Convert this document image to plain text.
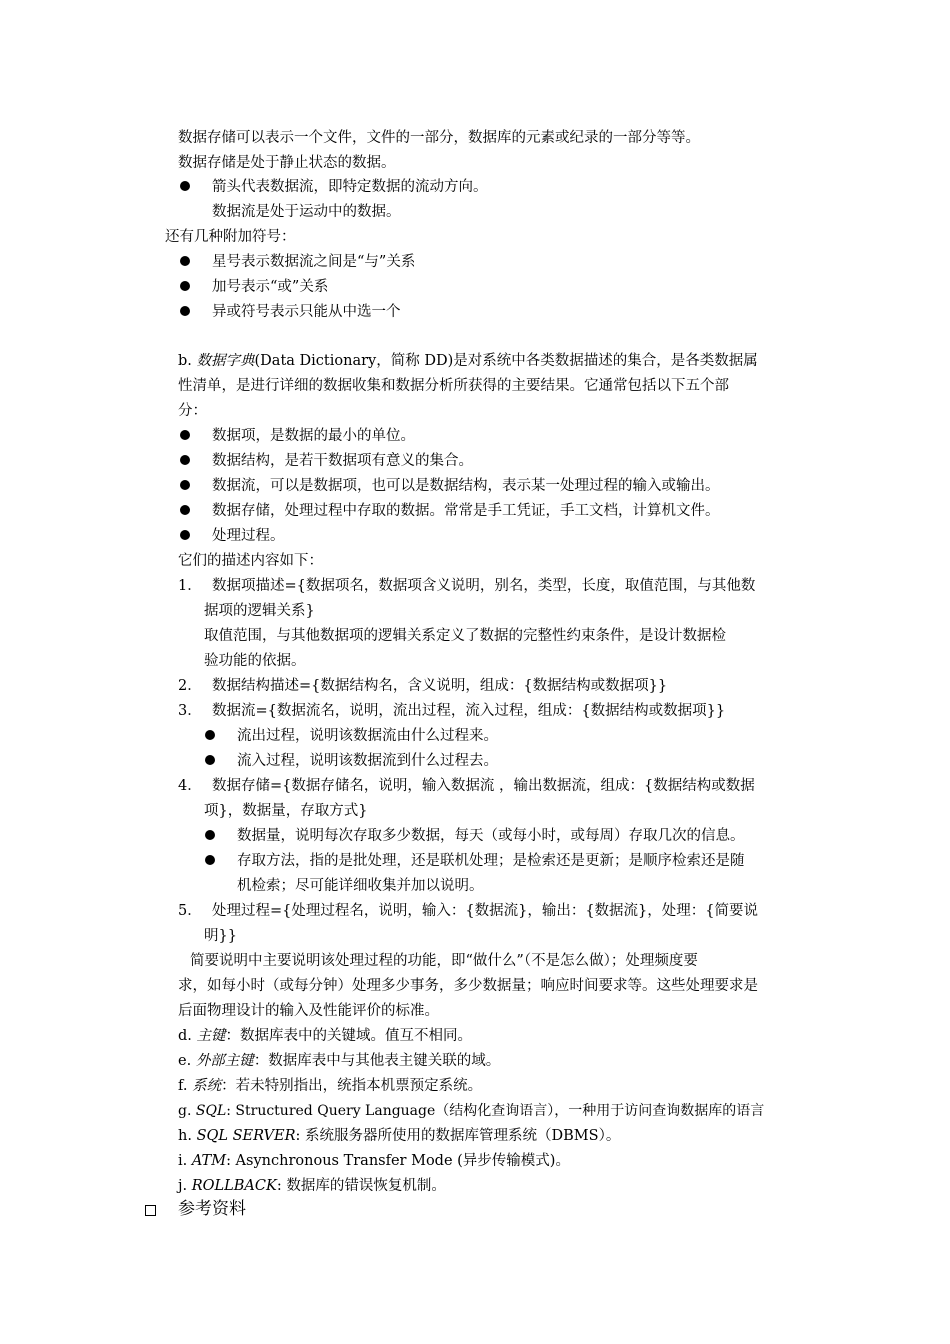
数据存储可以表示一个文件，文件的一部分，数据库的元素或纪录的一部分等等。
数据存储是处于静止状态的数据。
箭头代表数据流，即特定数据的流动方向。
数据流是处于运动中的数据。
还有几种附加符号：
星号表示数据流之间是“与”关系
加号表示“或”关系
异或符号表示只能从中选一个
b. 数据字典(Data Dictionary，简称 DD)是对系统中各类数据描述的集合，是各类数据属
性清单，是进行详细的数据收集和数据分析所获得的主要结果。它通常包括以下五个部
分：
数据项，是数据的最小的单位。
数据结构，是若干数据项有意义的集合。
数据流，可以是数据项，也可以是数据结构，表示某一处理过程的输入或输出。
数据存储，处理过程中存取的数据。常常是手工凭证，手工文档，计算机文件。
处理过程。
它们的描述内容如下：
1． 数据项描述={数据项名，数据项含义说明，别名，类型，长度，取值范围，与其他数
据项的逻辑关系}
取值范围，与其他数据项的逻辑关系定义了数据的完整性约束条件，是设计数据检
验功能的依据。
2． 数据结构描述={数据结构名，含义说明，组成：{数据结构或数据项}}
3． 数据流={数据流名，说明，流出过程，流入过程，组成：{数据结构或数据项}}
流出过程，说明该数据流由什么过程来。
流入过程，说明该数据流到什么过程去。
4． 数据存储={数据存储名，说明，输入数据流 ，输出数据流，组成：{数据结构或数据
项}，数据量，存取方式}
数据量，说明每次存取多少数据，每天（或每小时，或每周）存取几次的信息。
存取方法，指的是批处理，还是联机处理；是检索还是更新；是顺序检索还是随
机检索；尽可能详细收集并加以说明。
5． 处理过程={处理过程名，说明，输入：{数据流}，输出：{数据流}，处理：{简要说
明}}
简要说明中主要说明该处理过程的功能，即“做什么”（不是怎么做）；处理频度要
求，如每小时（或每分钟）处理多少事务，多少数据量；响应时间要求等。这些处理要求是
后面物理设计的输入及性能评价的标准。
d. 主键：数据库表中的关键域。值互不相同。
e. 外部主键：数据库表中与其他表主键关联的域。
f. 系统：若未特别指出，统指本机票预定系统。
g. SQL: Structured Query Language（结构化查询语言），一种用于访问查询数据库的语言
h. SQL SERVER: 系统服务器所使用的数据库管理系统（DBMS）。
i. ATM: Asynchronous Transfer Mode (异步传输模式)。
j. ROLLBACK: 数据库的错误恢复机制。
参考资料
